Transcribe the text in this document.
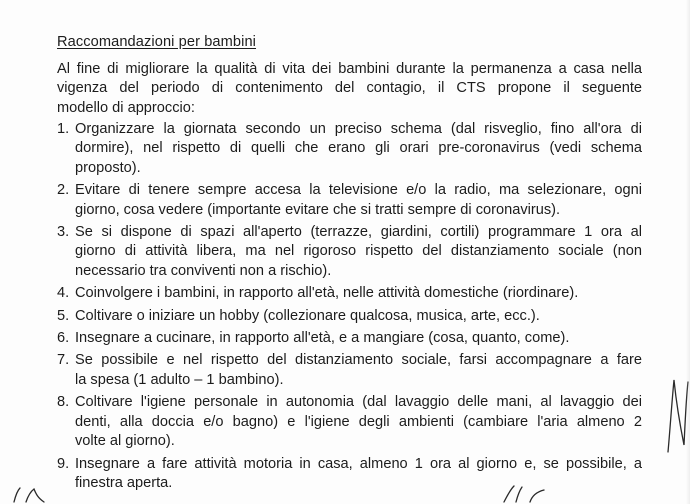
Raccomandazioni per bambini

Al fine di migliorare la qualità di vita dei bambini durante la permanenza a casa nella
vigenza del periodo di contenimento del contagio, il CTS propone il seguente
modello di approccio:

1. Organizzare la giornata secondo un preciso schema (dal risveglio, fino all'ora di
dormire), nel rispetto di quelli che erano gli orari pre-coronavirus (vedi schema
proposto).
2. Evitare di tenere sempre accesa la televisione e/o la radio, ma selezionare, ogni
giorno, cosa vedere (importante evitare che si tratti sempre di coronavirus).
3. Se si dispone di spazi all'aperto (terrazze, giardini, cortili) programmare 1 ora al
giorno di attività libera, ma nel rigoroso rispetto del distanziamento sociale (non
necessario tra conviventi non a rischio).
4. Coinvolgere i bambini, in rapporto all'età, nelle attività domestiche (riordinare).
5. Coltivare o iniziare un hobby (collezionare qualcosa, musica, arte, ecc.).
6. Insegnare a cucinare, in rapporto all'età, e a mangiare (cosa, quanto, come).
7. Se possibile e nel rispetto del distanziamento sociale, farsi accompagnare a fare
la spesa (1 adulto – 1 bambino).
8. Coltivare l'igiene personale in autonomia (dal lavaggio delle mani, al lavaggio dei
denti, alla doccia e/o bagno) e l'igiene degli ambienti (cambiare l'aria almeno 2
volte al giorno).
9. Insegnare a fare attività motoria in casa, almeno 1 ora al giorno e, se possibile, a
finestra aperta.
